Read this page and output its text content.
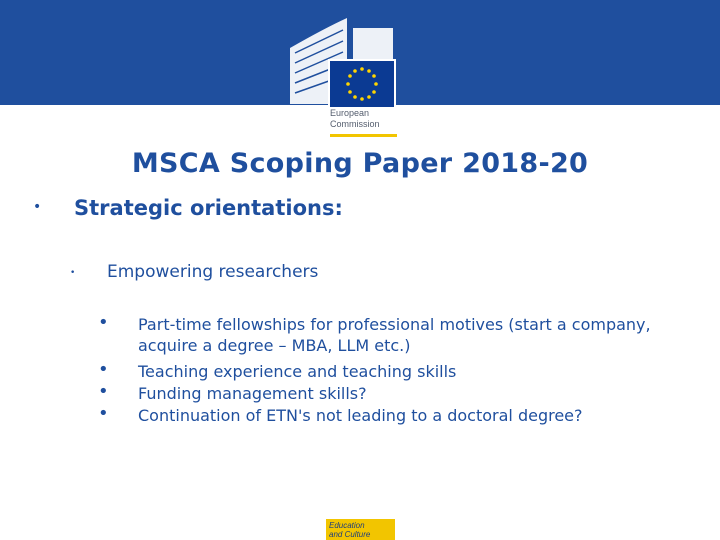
European
Commission
MSCA Scoping Paper 2018-20
• Strategic orientations:
• Empowering researchers
• Part-time fellowships for professional motives (start a company, acquire a degree – MBA, LLM etc.)
• Teaching experience and teaching skills
• Funding management skills?
• Continuation of ETN's not leading to a doctoral degree?
Education
and Culture
